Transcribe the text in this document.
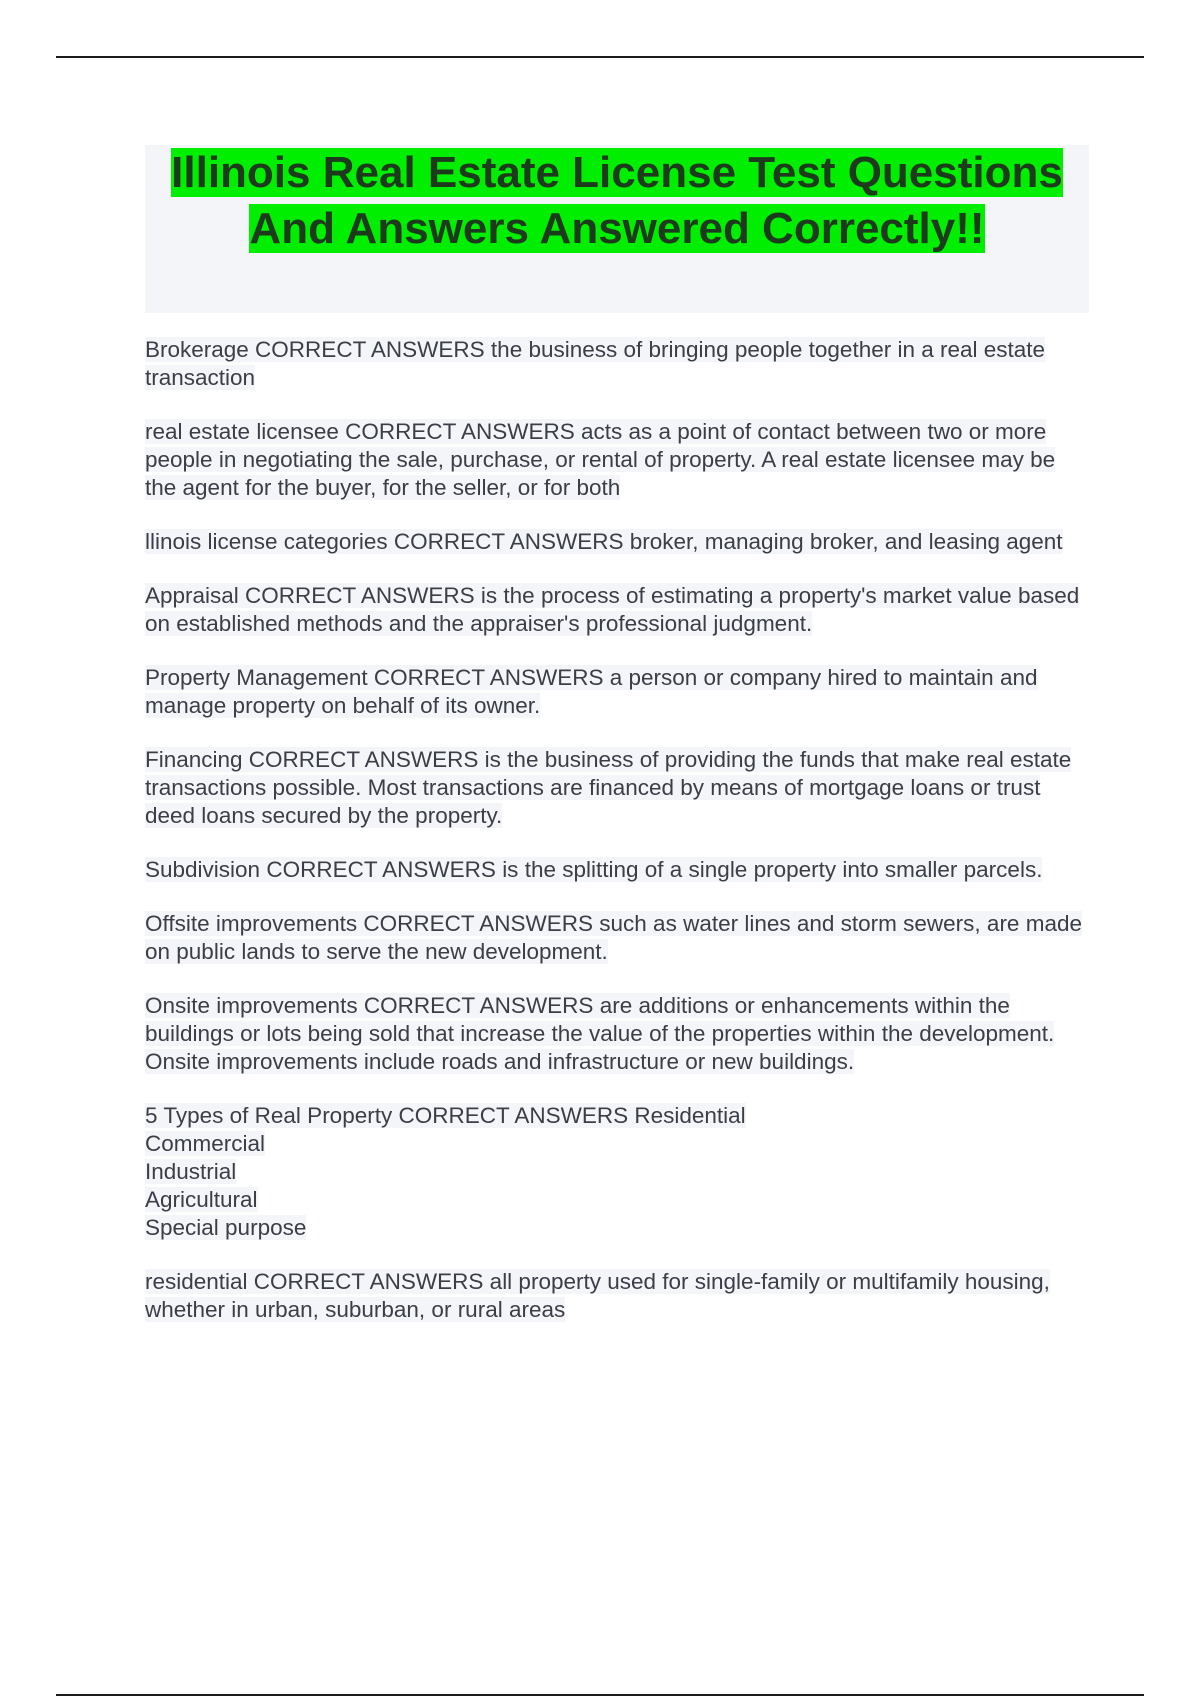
Illinois Real Estate License Test Questions And Answers Answered Correctly!!

Brokerage CORRECT ANSWERS the business of bringing people together in a real estate transaction

real estate licensee CORRECT ANSWERS acts as a point of contact between two or more people in negotiating the sale, purchase, or rental of property. A real estate licensee may be the agent for the buyer, for the seller, or for both

llinois license categories CORRECT ANSWERS broker, managing broker, and leasing agent

Appraisal CORRECT ANSWERS is the process of estimating a property's market value based on established methods and the appraiser's professional judgment.

Property Management CORRECT ANSWERS a person or company hired to maintain and manage property on behalf of its owner.

Financing CORRECT ANSWERS is the business of providing the funds that make real estate transactions possible. Most transactions are financed by means of mortgage loans or trust deed loans secured by the property.

Subdivision CORRECT ANSWERS is the splitting of a single property into smaller parcels.

Offsite improvements CORRECT ANSWERS such as water lines and storm sewers, are made on public lands to serve the new development.

Onsite improvements CORRECT ANSWERS are additions or enhancements within the buildings or lots being sold that increase the value of the properties within the development. Onsite improvements include roads and infrastructure or new buildings.

5 Types of Real Property CORRECT ANSWERS Residential
Commercial
Industrial
Agricultural
Special purpose

residential CORRECT ANSWERS all property used for single-family or multifamily housing, whether in urban, suburban, or rural areas
